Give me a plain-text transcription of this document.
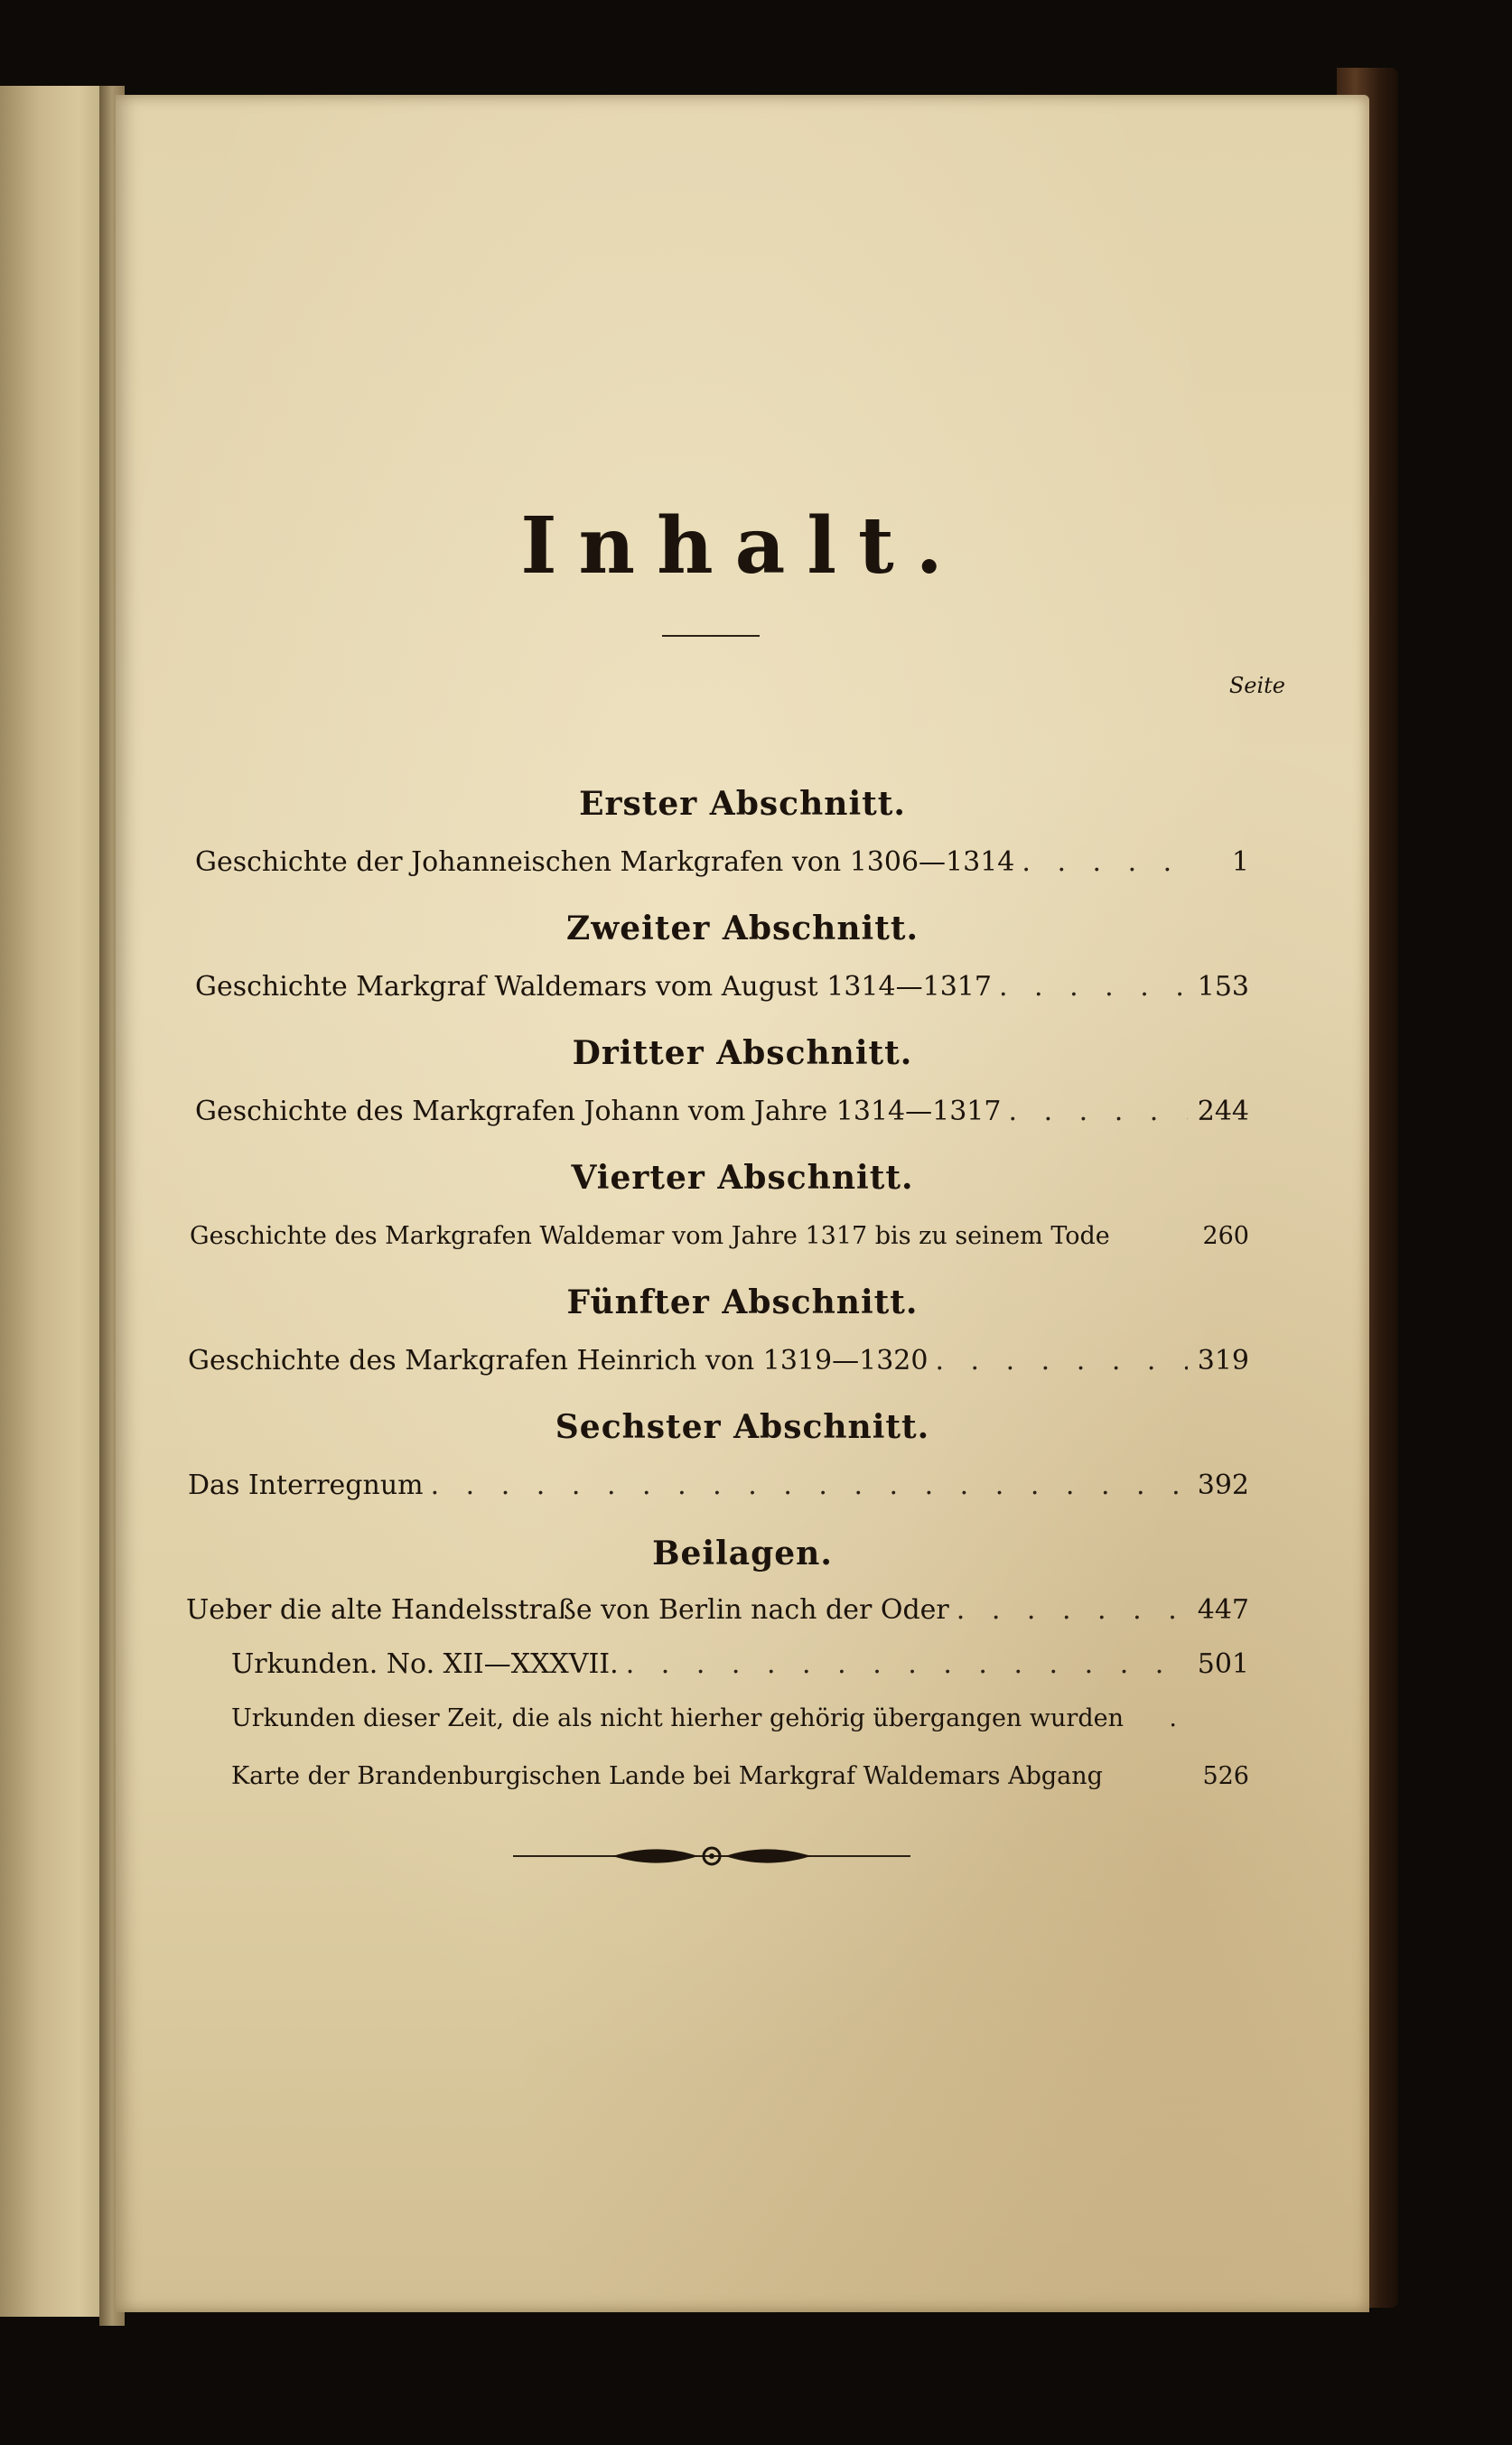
Inhalt.
Seite
Erster Abschnitt.
Geschichte der Johanneischen Markgrafen von 1306—1314 . . .	1
Zweiter Abschnitt.
Geschichte Markgraf Waldemars vom August 1314—1317 . . .	153
Dritter Abschnitt.
Geschichte des Markgrafen Johann vom Jahre 1314—1317 . . .	244
Vierter Abschnitt.
Geschichte des Markgrafen Waldemar vom Jahre 1317 bis zu seinem Tode	260
Fünfter Abschnitt.
Geschichte des Markgrafen Heinrich von 1319—1320 . . .	319
Sechster Abschnitt.
Das Interregnum . . .	392
Beilagen.
Ueber die alte Handelsstraße von Berlin nach der Oder . . .	447
Urkunden. No. XII—XXXVII. . . .	501
Urkunden dieser Zeit, die als nicht hierher gehörig übergangen wurden	.
Karte der Brandenburgischen Lande bei Markgraf Waldemars Abgang	526
